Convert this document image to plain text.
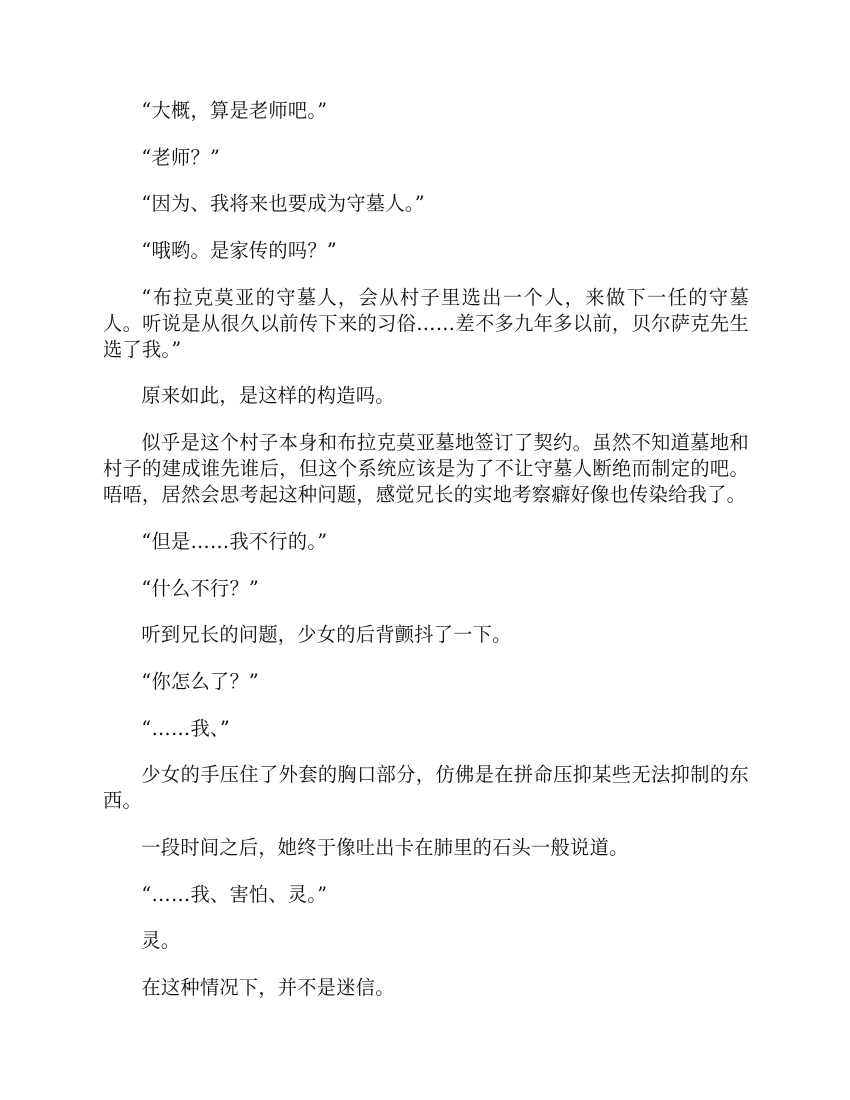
“大概，算是老师吧。”

“老师？”

“因为、我将来也要成为守墓人。”

“哦哟。是家传的吗？”

“布拉克莫亚的守墓人，会从村子里选出一个人，来做下一任的守墓人。听说是从很久以前传下来的习俗……差不多九年多以前，贝尔萨克先生选了我。”

原来如此，是这样的构造吗。

似乎是这个村子本身和布拉克莫亚墓地签订了契约。虽然不知道墓地和村子的建成谁先谁后，但这个系统应该是为了不让守墓人断绝而制定的吧。唔唔，居然会思考起这种问题，感觉兄长的实地考察癖好像也传染给我了。

“但是……我不行的。”

“什么不行？”

听到兄长的问题，少女的后背颤抖了一下。

“你怎么了？”

“……我、”

少女的手压住了外套的胸口部分，仿佛是在拼命压抑某些无法抑制的东西。

一段时间之后，她终于像吐出卡在肺里的石头一般说道。

“……我、害怕、灵。”

灵。

在这种情况下，并不是迷信。
